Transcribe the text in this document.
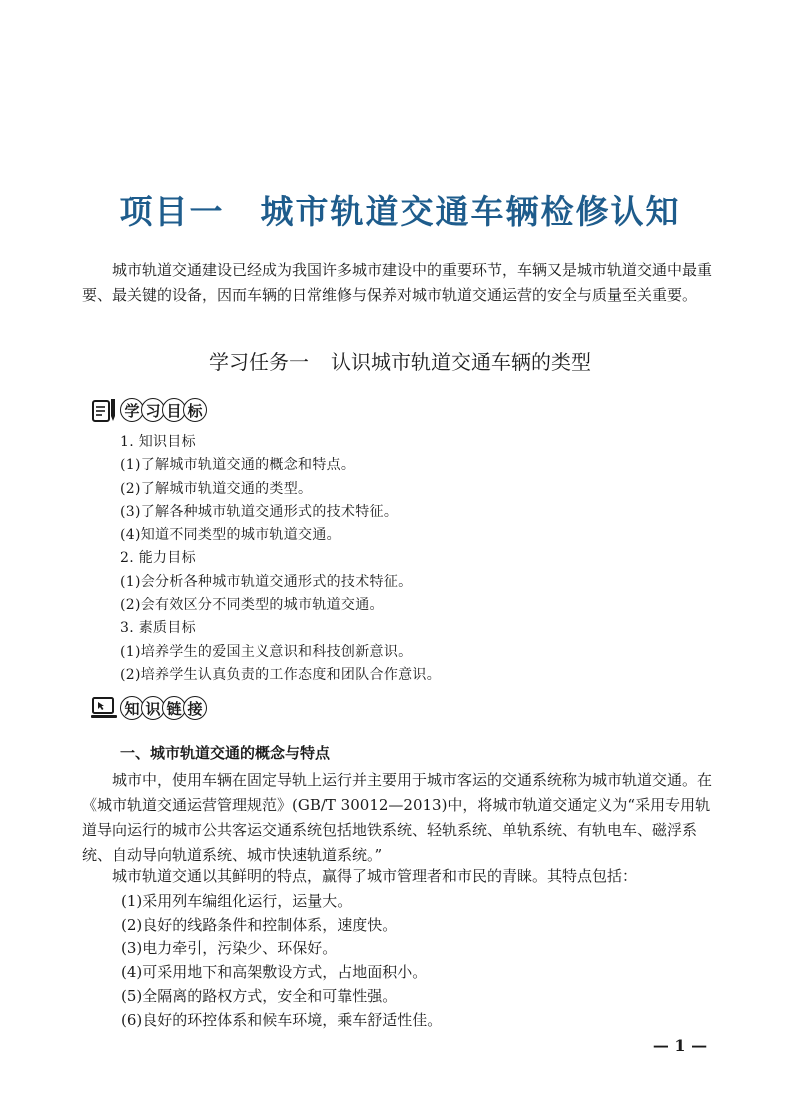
项目一 城市轨道交通车辆检修认知

城市轨道交通建设已经成为我国许多城市建设中的重要环节，车辆又是城市轨道交通中最重要、最关键的设备，因而车辆的日常维修与保养对城市轨道交通运营的安全与质量至关重要。

学习任务一 认识城市轨道交通车辆的类型
学 习 目 标
1. 知识目标
(1)了解城市轨道交通的概念和特点。
(2)了解城市轨道交通的类型。
(3)了解各种城市轨道交通形式的技术特征。
(4)知道不同类型的城市轨道交通。
2. 能力目标
(1)会分析各种城市轨道交通形式的技术特征。
(2)会有效区分不同类型的城市轨道交通。
3. 素质目标
(1)培养学生的爱国主义意识和科技创新意识。
(2)培养学生认真负责的工作态度和团队合作意识。
知 识 链 接
一、城市轨道交通的概念与特点

城市中，使用车辆在固定导轨上运行并主要用于城市客运的交通系统称为城市轨道交通。在《城市轨道交通运营管理规范》(GB/T 30012—2013)中，将城市轨道交通定义为“采用专用轨道导向运行的城市公共客运交通系统包括地铁系统、轻轨系统、单轨系统、有轨电车、磁浮系统、自动导向轨道系统、城市快速轨道系统。”

城市轨道交通以其鲜明的特点，赢得了城市管理者和市民的青睐。其特点包括：

(1)采用列车编组化运行，运量大。
(2)良好的线路条件和控制体系，速度快。
(3)电力牵引，污染少、环保好。
(4)可采用地下和高架敷设方式，占地面积小。
(5)全隔离的路权方式，安全和可靠性强。
(6)良好的环控体系和候车环境，乘车舒适性佳。
— 1 —
